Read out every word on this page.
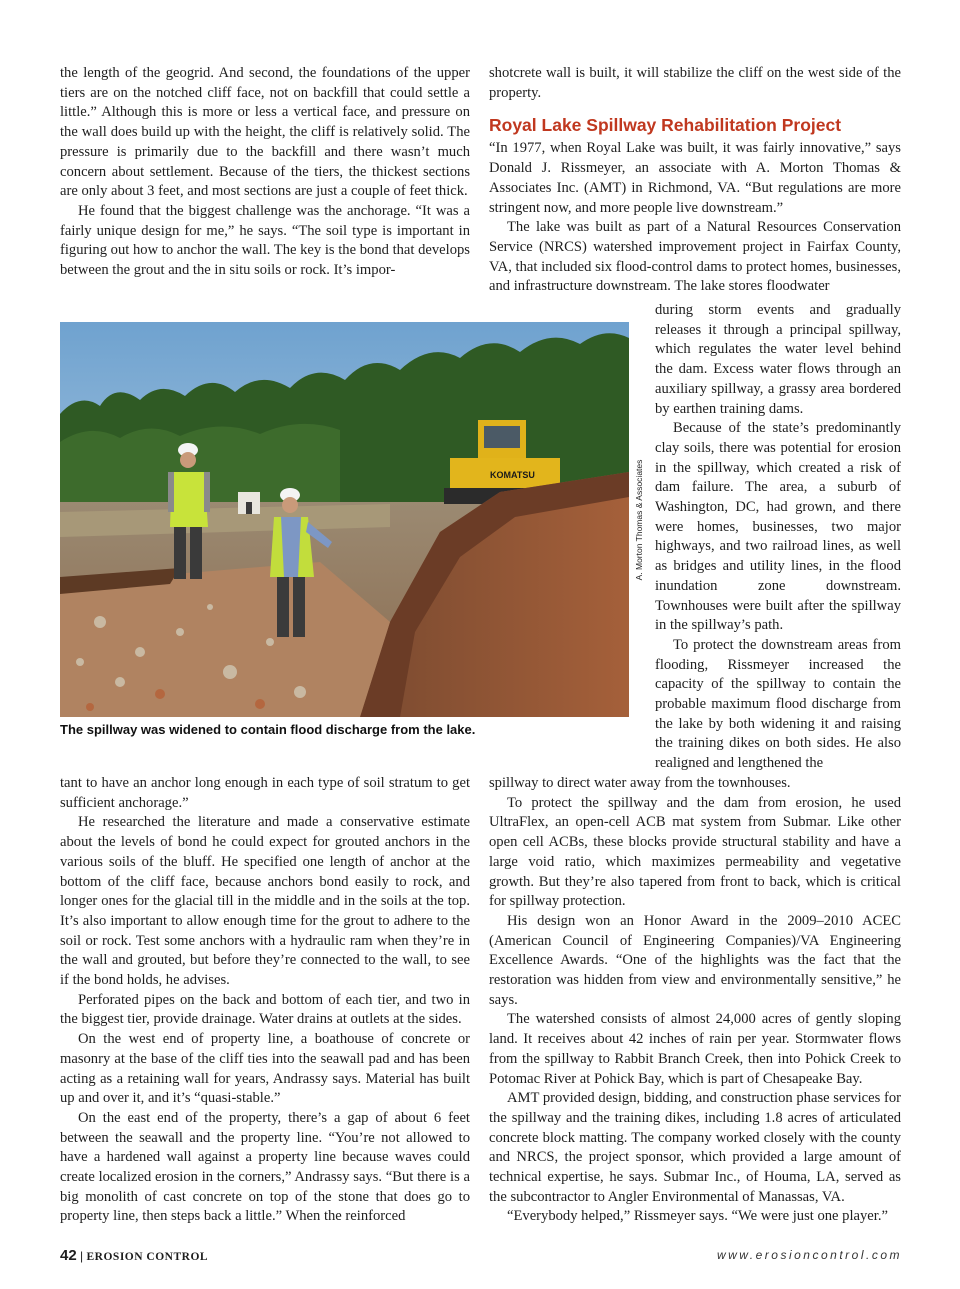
the length of the geogrid. And second, the foundations of the upper tiers are on the notched cliff face, not on backfill that could settle a little.” Although this is more or less a vertical face, and pressure on the wall does build up with the height, the cliff is relatively solid. The pressure is primarily due to the backfill and there wasn’t much concern about settlement. Because of the tiers, the thickest sections are only about 3 feet, and most sections are just a couple of feet thick.

He found that the biggest challenge was the anchorage. “It was a fairly unique design for me,” he says. “The soil type is important in figuring out how to anchor the wall. The key is the bond that develops between the grout and the in situ soils or rock. It’s impor-

KOMATSU	A. Morton Thomas & Associates
The spillway was widened to contain flood discharge from the lake.

tant to have an anchor long enough in each type of soil stratum to get sufficient anchorage.”

He researched the literature and made a conservative estimate about the levels of bond he could expect for grouted anchors in the various soils of the bluff. He specified one length of anchor at the bottom of the cliff face, because anchors bond easily to rock, and longer ones for the glacial till in the middle and in the soils at the top. It’s also important to allow enough time for the grout to adhere to the soil or rock. Test some anchors with a hydraulic ram when they’re in the wall and grouted, but before they’re connected to the wall, to see if the bond holds, he advises.

Perforated pipes on the back and bottom of each tier, and two in the biggest tier, provide drainage. Water drains at outlets at the sides.

On the west end of property line, a boathouse of concrete or masonry at the base of the cliff ties into the seawall pad and has been acting as a retaining wall for years, Andrassy says. Material has built up and over it, and it’s “quasi-stable.”

On the east end of the property, there’s a gap of about 6 feet between the seawall and the property line. “You’re not allowed to have a hardened wall against a property line because waves could create localized erosion in the corners,” Andrassy says. “But there is a big monolith of cast concrete on top of the stone that does go to property line, then steps back a little.” When the reinforced

shotcrete wall is built, it will stabilize the cliff on the west side of the property.

Royal Lake Spillway Rehabilitation Project

“In 1977, when Royal Lake was built, it was fairly innovative,” says Donald J. Rissmeyer, an associate with A. Morton Thomas & Associates Inc. (AMT) in Richmond, VA. “But regulations are more stringent now, and more people live downstream.”

The lake was built as part of a Natural Resources Conservation Service (NRCS) watershed improvement project in Fairfax County, VA, that included six flood-control dams to protect homes, businesses, and infrastructure downstream. The lake stores floodwater

during storm events and gradually releases it through a principal spillway, which regulates the water level behind the dam. Excess water flows through an auxiliary spillway, a grassy area bordered by earthen training dams.

Because of the state’s predominantly clay soils, there was potential for erosion in the spillway, which created a risk of dam failure. The area, a suburb of Washington, DC, had grown, and there were homes, businesses, two major highways, and two railroad lines, as well as bridges and utility lines, in the flood inundation zone downstream. Townhouses were built after the spillway in the spillway’s path.

To protect the downstream areas from flooding, Rissmeyer increased the capacity of the spillway to contain the probable maximum flood discharge from the lake by both widening it and raising the training dikes on both sides. He also realigned and lengthened the

spillway to direct water away from the townhouses.

To protect the spillway and the dam from erosion, he used UltraFlex, an open-cell ACB mat system from Submar. Like other open cell ACBs, these blocks provide structural stability and have a large void ratio, which maximizes permeability and vegetative growth. But they’re also tapered from front to back, which is critical for spillway protection.

His design won an Honor Award in the 2009–2010 ACEC (American Council of Engineering Companies)/VA Engineering Excellence Awards. “One of the highlights was the fact that the restoration was hidden from view and environmentally sensitive,” he says.

The watershed consists of almost 24,000 acres of gently sloping land. It receives about 42 inches of rain per year. Stormwater flows from the spillway to Rabbit Branch Creek, then into Pohick Creek to Potomac River at Pohick Bay, which is part of Chesapeake Bay.

AMT provided design, bidding, and construction phase services for the spillway and the training dikes, including 1.8 acres of articulated concrete block matting. The company worked closely with the county and NRCS, the project sponsor, which provided a large amount of technical expertise, he says. Submar Inc., of Houma, LA, served as the subcontractor to Angler Environmental of Manassas, VA.

“Everybody helped,” Rissmeyer says. “We were just one player.”

42 | EROSION CONTROL	www.erosioncontrol.com
